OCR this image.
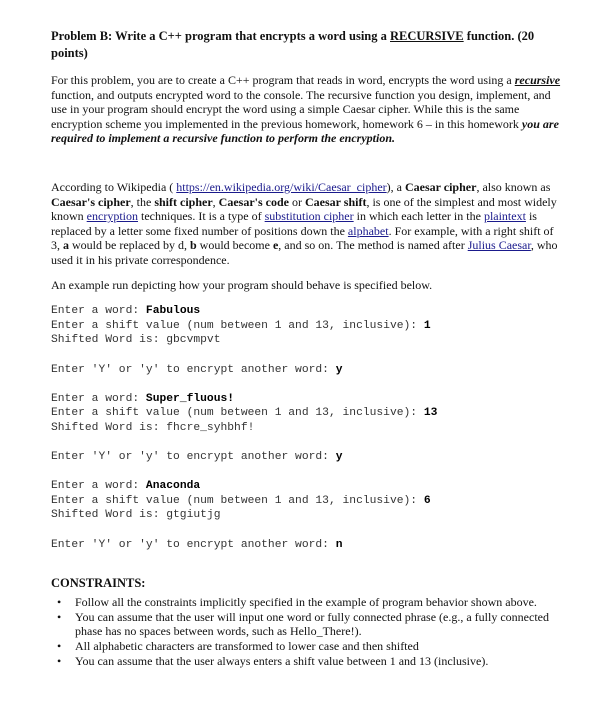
Problem B: Write a C++ program that encrypts a word using a RECURSIVE function. (20 points)

For this problem, you are to create a C++ program that reads in word, encrypts the word using a recursive function, and outputs encrypted word to the console. The recursive function you design, implement, and use in your program should encrypt the word using a simple Caesar cipher. While this is the same encryption scheme you implemented in the previous homework, homework 6 – in this homework you are required to implement a recursive function to perform the encryption.

According to Wikipedia ( https://en.wikipedia.org/wiki/Caesar_cipher), a Caesar cipher, also known as Caesar's cipher, the shift cipher, Caesar's code or Caesar shift, is one of the simplest and most widely known encryption techniques. It is a type of substitution cipher in which each letter in the plaintext is replaced by a letter some fixed number of positions down the alphabet. For example, with a right shift of 3, a would be replaced by d, b would become e, and so on. The method is named after Julius Caesar, who used it in his private correspondence.

An example run depicting how your program should behave is specified below.

Enter a word: Fabulous
Enter a shift value (num between 1 and 13, inclusive): 1
Shifted Word is: gbcvmpvt
Enter 'Y' or 'y' to encrypt another word: y
Enter a word: Super_fluous!
Enter a shift value (num between 1 and 13, inclusive): 13
Shifted Word is: fhcre_syhbhf!
Enter 'Y' or 'y' to encrypt another word: y
Enter a word: Anaconda
Enter a shift value (num between 1 and 13, inclusive): 6
Shifted Word is: gtgiutjg
Enter 'Y' or 'y' to encrypt another word: n
CONSTRAINTS:
• Follow all the constraints implicitly specified in the example of program behavior shown above.
• You can assume that the user will input one word or fully connected phrase (e.g., a fully connected phase has no spaces between words, such as Hello_There!).
• All alphabetic characters are transformed to lower case and then shifted
• You can assume that the user always enters a shift value between 1 and 13 (inclusive).
